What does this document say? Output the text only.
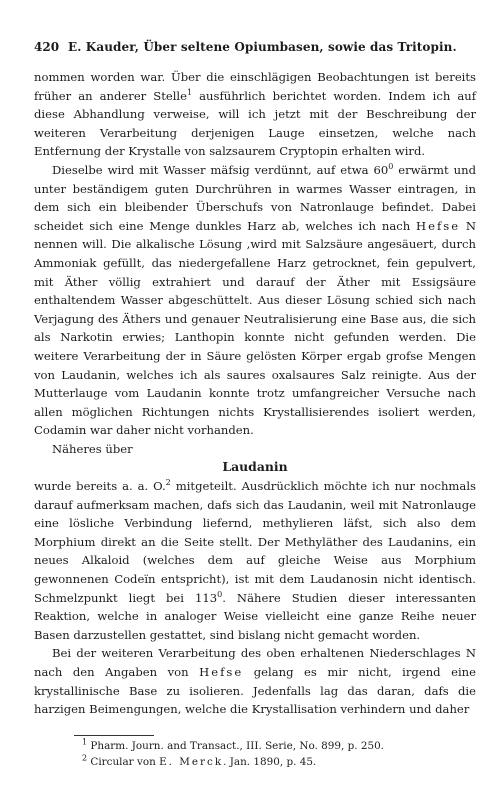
420 E. Kauder, Über seltene Opiumbasen, sowie das Tritopin.

nommen worden war. Über die einschlägigen Beobachtungen ist bereits früher an anderer Stelle$^1$ ausführlich berichtet worden. Indem ich auf diese Abhandlung verweise, will ich jetzt mit der Beschreibung der weiteren Verarbeitung derjenigen Lauge einsetzen, welche nach Entfernung der Krystalle von salzsaurem Cryptopin erhalten wird.

Dieselbe wird mit Wasser mäfsig verdünnt, auf etwa $60^0$ erwärmt und unter beständigem guten Durchrühren in warmes Wasser eintragen, in dem sich ein bleibender Überschufs von Natronlauge befindet. Dabei scheidet sich eine Menge dunkles Harz ab, welches ich nach Hefse N nennen will. Die alkalische Lösung ,wird mit Salzsäure angesäuert, durch Ammoniak gefüllt, das niedergefallene Harz getrocknet, fein gepulvert, mit Äther völlig extrahiert und darauf der Äther mit Essigsäure enthaltendem Wasser abgeschüttelt. Aus dieser Lösung schied sich nach Verjagung des Äthers und genauer Neutralisierung eine Base aus, die sich als Narkotin erwies; Lanthopin konnte nicht gefunden werden. Die weitere Verarbeitung der in Säure gelösten Körper ergab grofse Mengen von Laudanin, welches ich als saures oxalsaures Salz reinigte. Aus der Mutterlauge vom Laudanin konnte trotz umfangreicher Versuche nach allen möglichen Richtungen nichts Krystallisierendes isoliert werden, Codamin war daher nicht vorhanden.

Näheres über

Laudanin

wurde bereits a. a. O.$^2$ mitgeteilt. Ausdrücklich möchte ich nur nochmals darauf aufmerksam machen, dafs sich das Laudanin, weil mit Natronlauge eine lösliche Verbindung liefernd, methylieren läfst, sich also dem Morphium direkt an die Seite stellt. Der Methyläther des Laudanins, ein neues Alkaloid (welches dem auf gleiche Weise aus Morphium gewonnenen Codeïn entspricht), ist mit dem Laudanosin nicht identisch. Schmelzpunkt liegt bei $113^0$. Nähere Studien dieser interessanten Reaktion, welche in analoger Weise vielleicht eine ganze Reihe neuer Basen darzustellen gestattet, sind bislang nicht gemacht worden.

Bei der weiteren Verarbeitung des oben erhaltenen Niederschlages N nach den Angaben von Hefse gelang es mir nicht, irgend eine krystallinische Base zu isolieren. Jedenfalls lag das daran, dafs die harzigen Beimengungen, welche die Krystallisation verhindern und daher

$^1$ Pharm. Journ. and Transact., III. Serie, No. 899, p. 250.

$^2$ Circular von E. Merck. Jan. 1890, p. 45.
